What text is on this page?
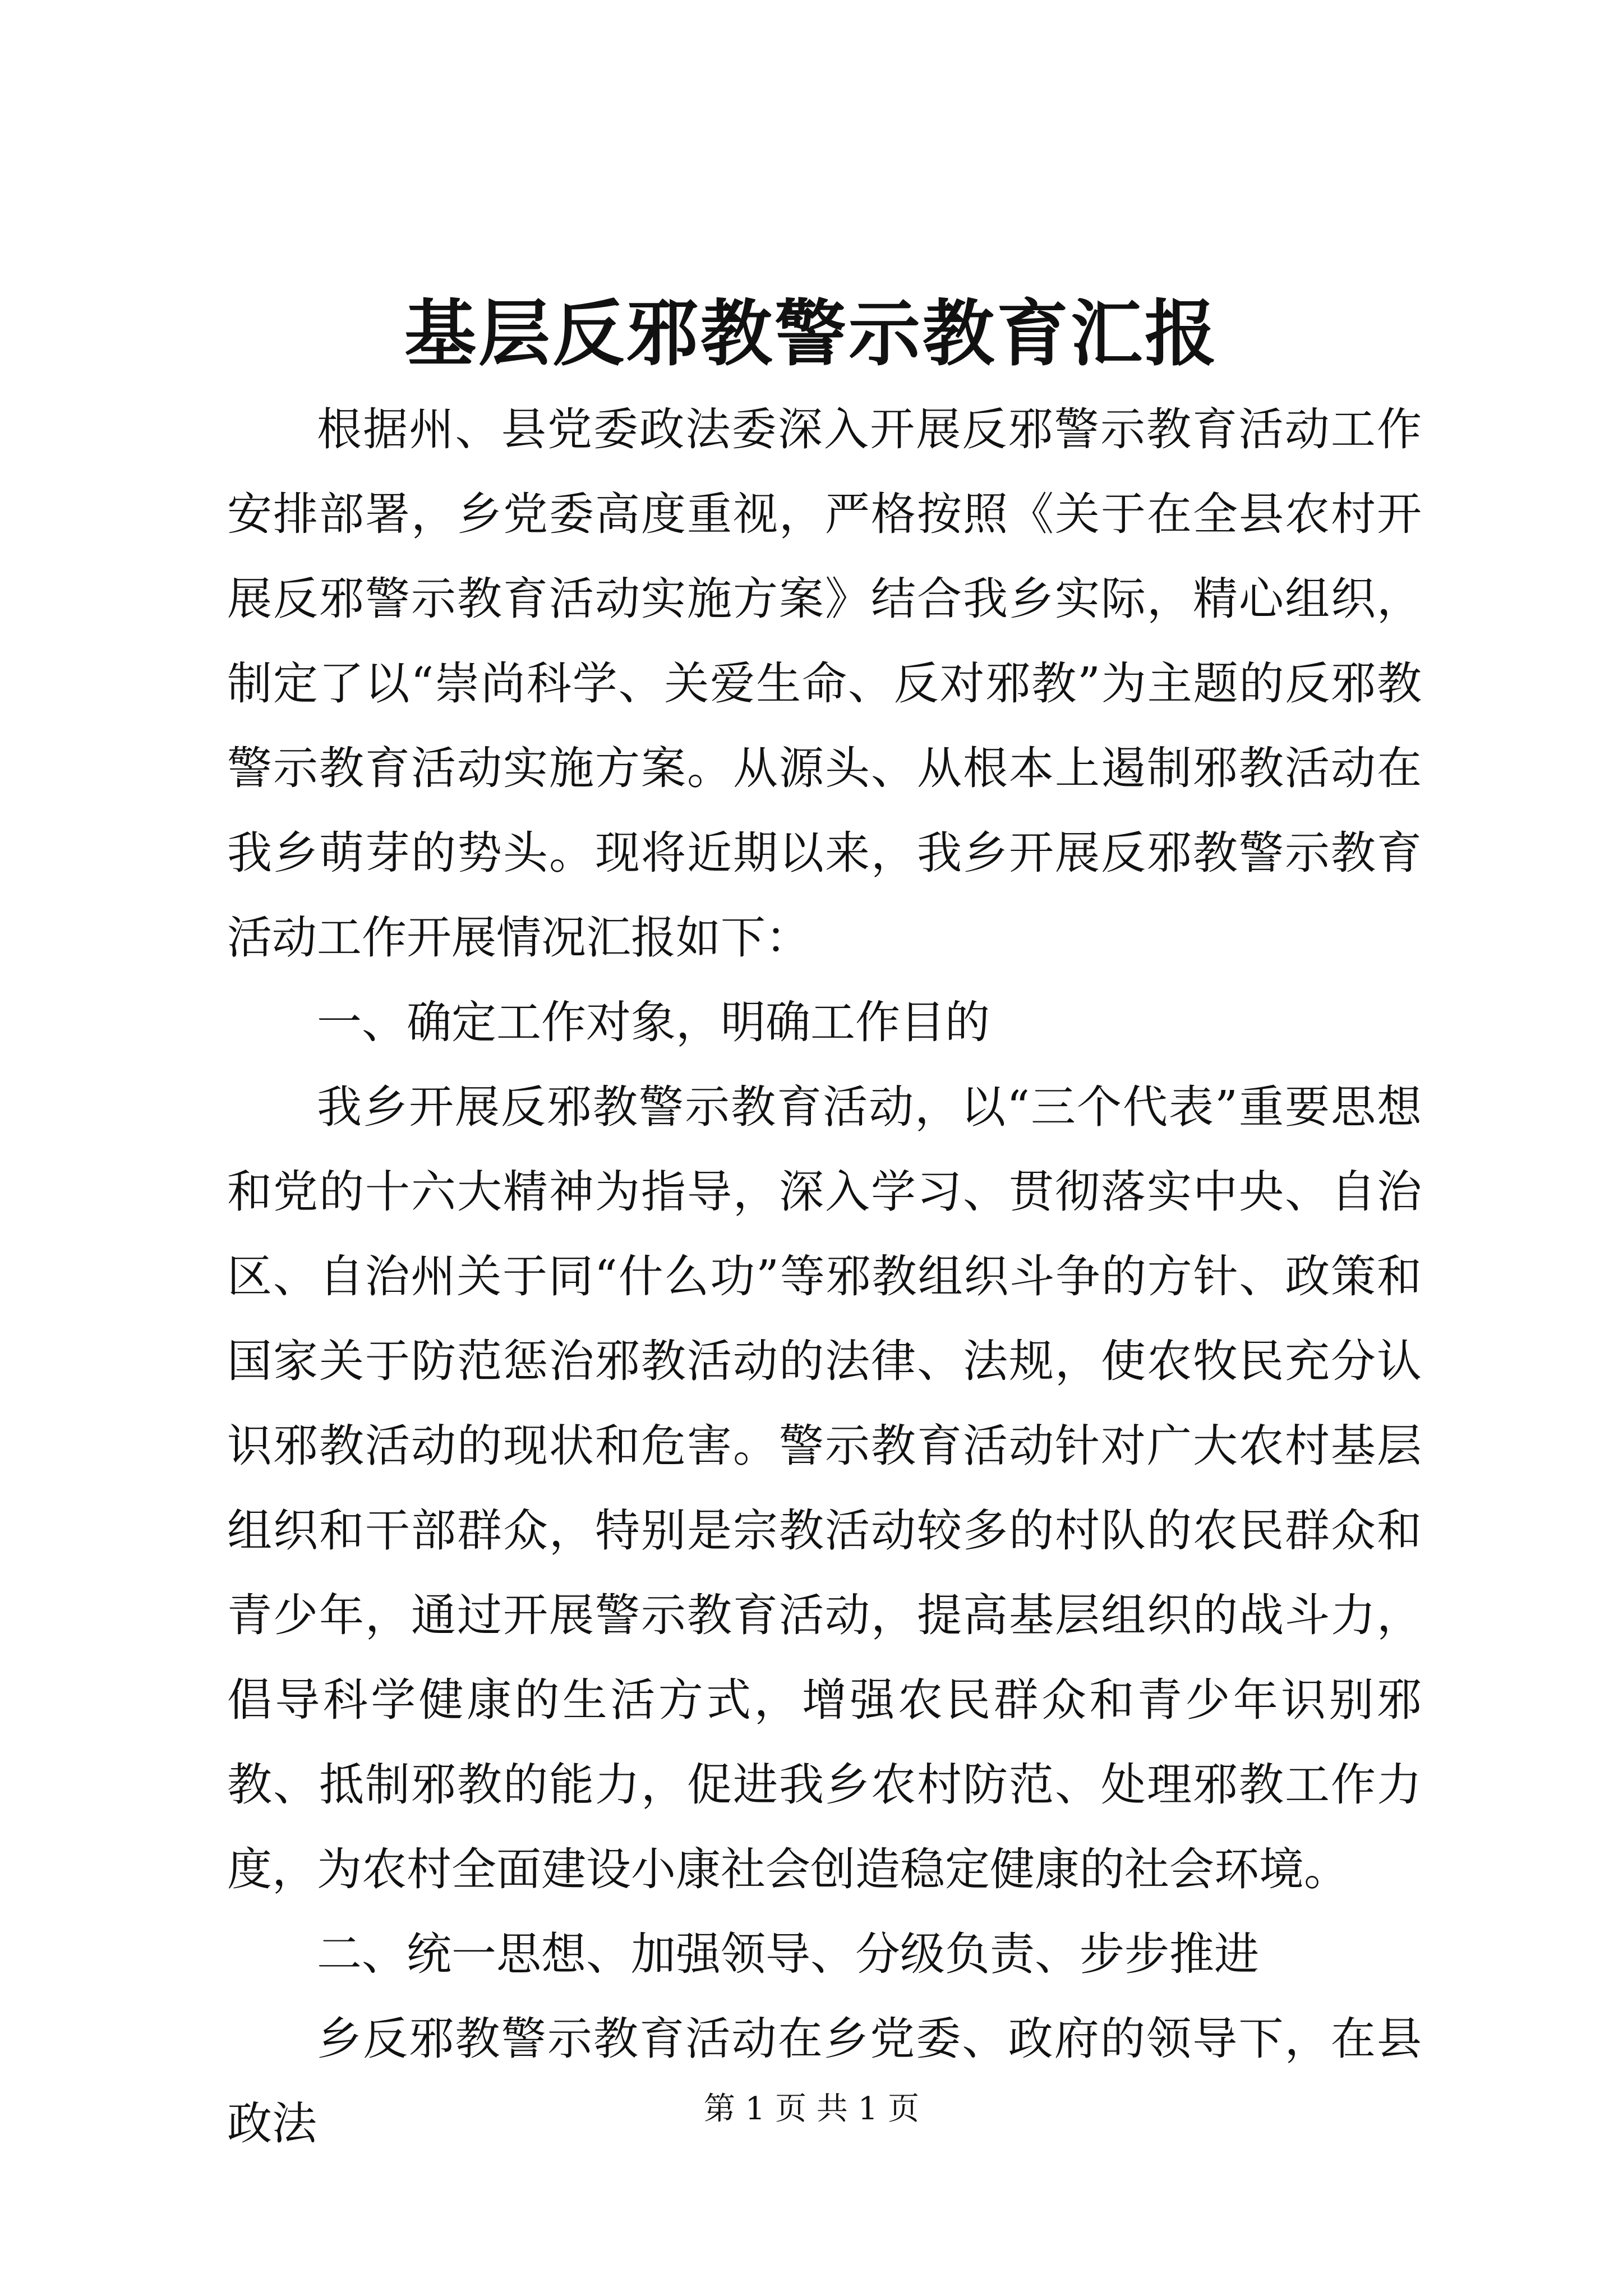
基层反邪教警示教育汇报

根据州、县党委政法委深入开展反邪警示教育活动工作安排部署，乡党委高度重视，严格按照《关于在全县农村开展反邪警示教育活动实施方案》结合我乡实际，精心组织，制定了以“崇尚科学、关爱生命、反对邪教”为主题的反邪教警示教育活动实施方案。从源头、从根本上遏制邪教活动在我乡萌芽的势头。现将近期以来，我乡开展反邪教警示教育活动工作开展情况汇报如下：

一、确定工作对象，明确工作目的

我乡开展反邪教警示教育活动，以“三个代表”重要思想和党的十六大精神为指导，深入学习、贯彻落实中央、自治区、自治州关于同“什么功”等邪教组织斗争的方针、政策和国家关于防范惩治邪教活动的法律、法规，使农牧民充分认识邪教活动的现状和危害。警示教育活动针对广大农村基层组织和干部群众，特别是宗教活动较多的村队的农民群众和青少年，通过开展警示教育活动，提高基层组织的战斗力，倡导科学健康的生活方式，增强农民群众和青少年识别邪教、抵制邪教的能力，促进我乡农村防范、处理邪教工作力度，为农村全面建设小康社会创造稳定健康的社会环境。

二、统一思想、加强领导、分级负责、步步推进

乡反邪教警示教育活动在乡党委、政府的领导下，在县政法	第 1 页 共 1 页
